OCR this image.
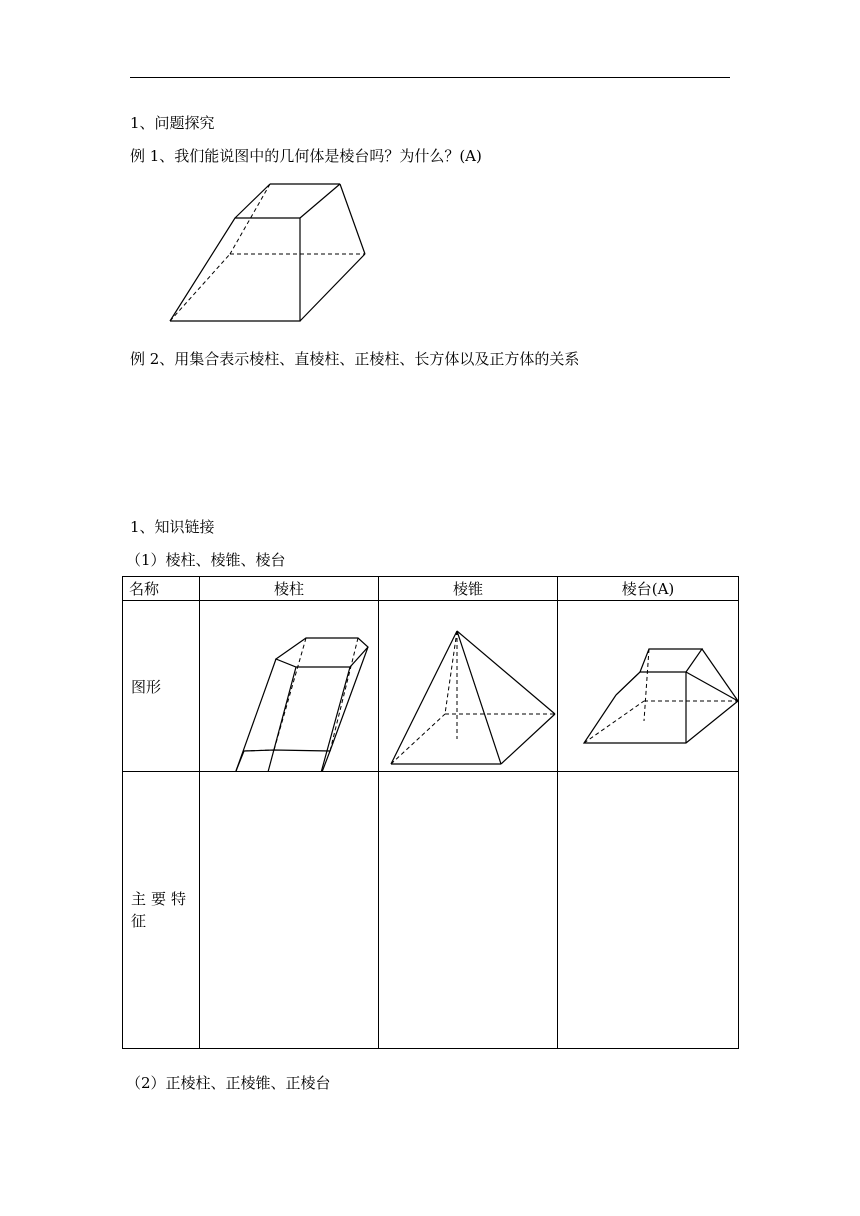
1、问题探究
例 1、我们能说图中的几何体是棱台吗？为什么？(A)
例 2、用集合表示棱柱、直棱柱、正棱柱、长方体以及正方体的关系
1、知识链接
（1）棱柱、棱锥、棱台
名称	棱柱	棱锥	棱台(A)
图形	

主要特征			

（2）正棱柱、正棱锥、正棱台
